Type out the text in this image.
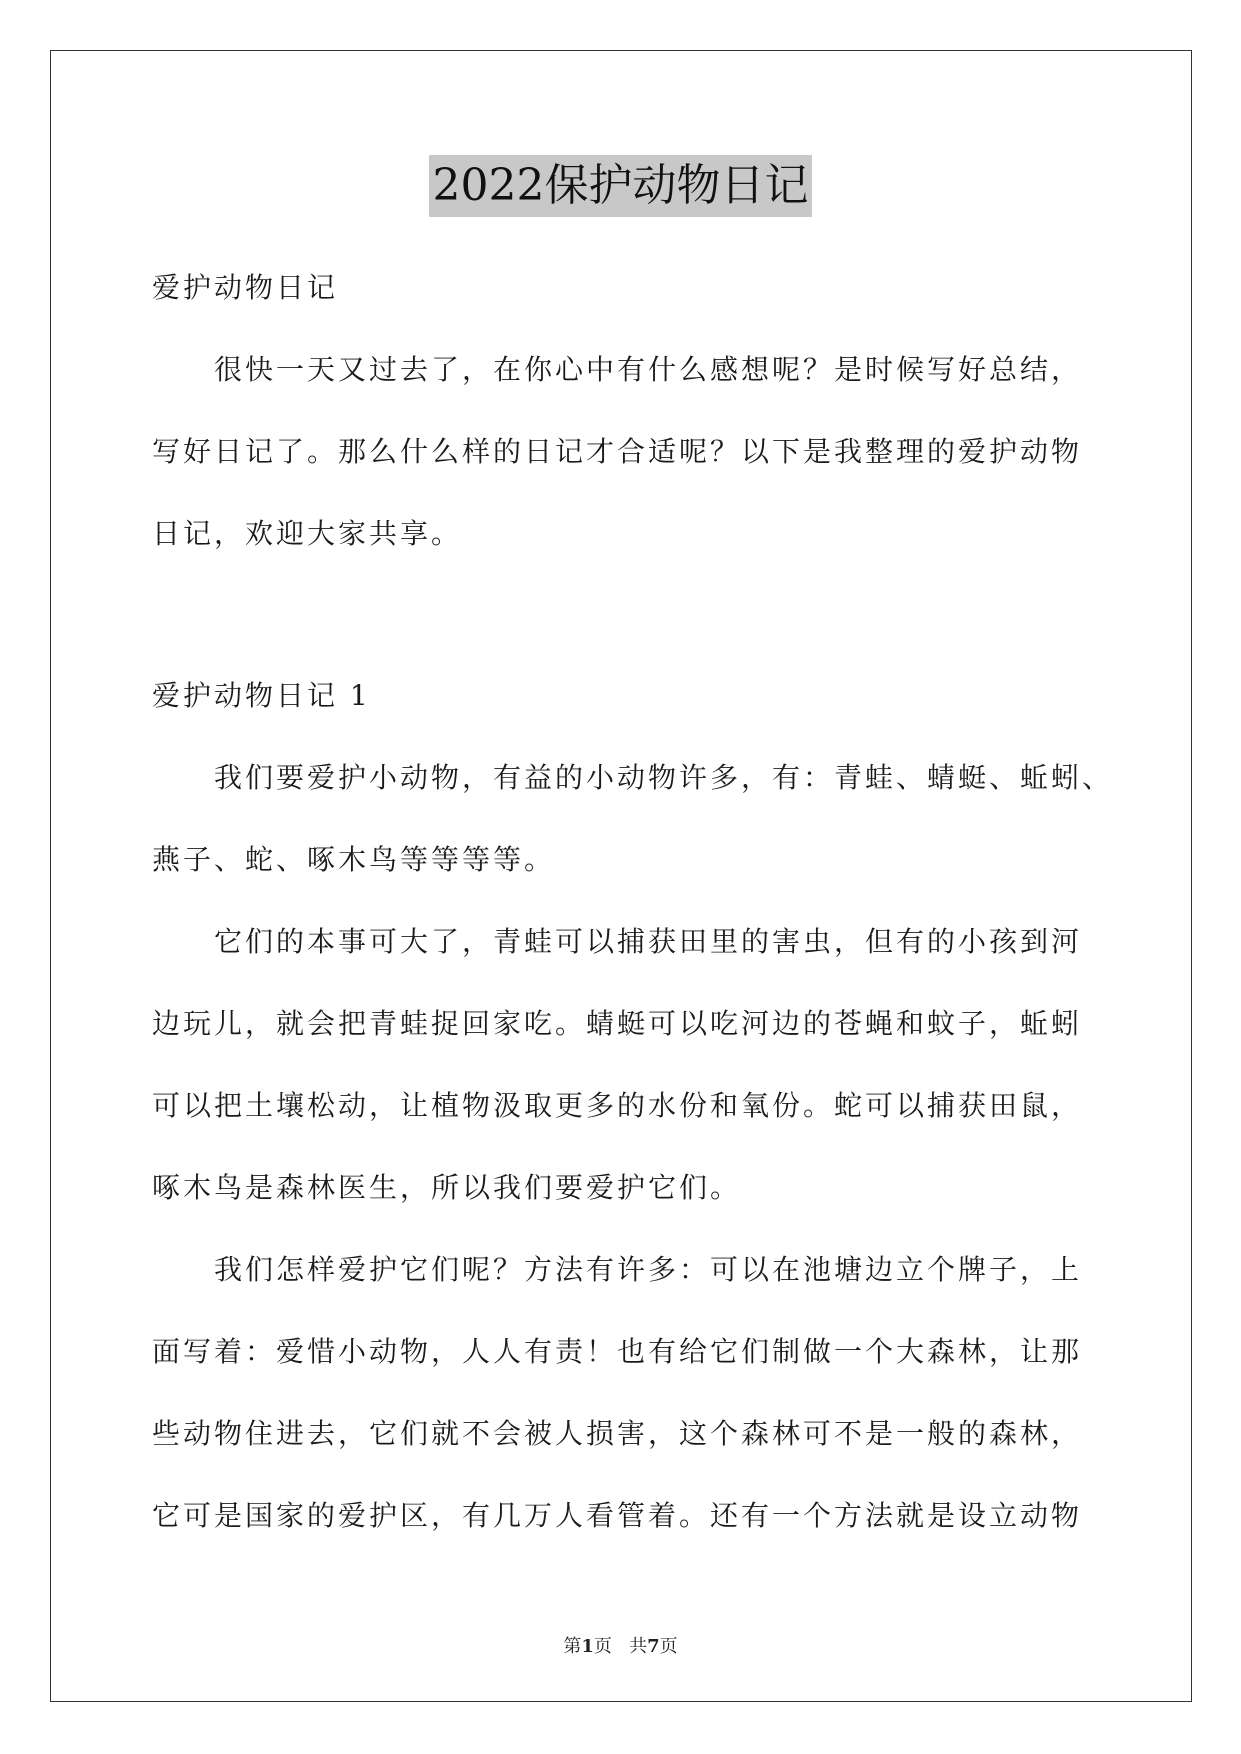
2022保护动物日记
爱护动物日记
很快一天又过去了，在你心中有什么感想呢？是时候写好总结，
写好日记了。那么什么样的日记才合适呢？以下是我整理的爱护动物
日记，欢迎大家共享。
爱护动物日记 1
我们要爱护小动物，有益的小动物许多，有：青蛙、蜻蜓、蚯蚓、
燕子、蛇、啄木鸟等等等等。
它们的本事可大了，青蛙可以捕获田里的害虫，但有的小孩到河
边玩儿，就会把青蛙捉回家吃。蜻蜓可以吃河边的苍蝇和蚊子，蚯蚓
可以把土壤松动，让植物汲取更多的水份和氧份。蛇可以捕获田鼠，
啄木鸟是森林医生，所以我们要爱护它们。
我们怎样爱护它们呢？方法有许多：可以在池塘边立个牌子，上
面写着：爱惜小动物，人人有责！也有给它们制做一个大森林，让那
些动物住进去，它们就不会被人损害，这个森林可不是一般的森林，
它可是国家的爱护区，有几万人看管着。还有一个方法就是设立动物
第1页 共7页
